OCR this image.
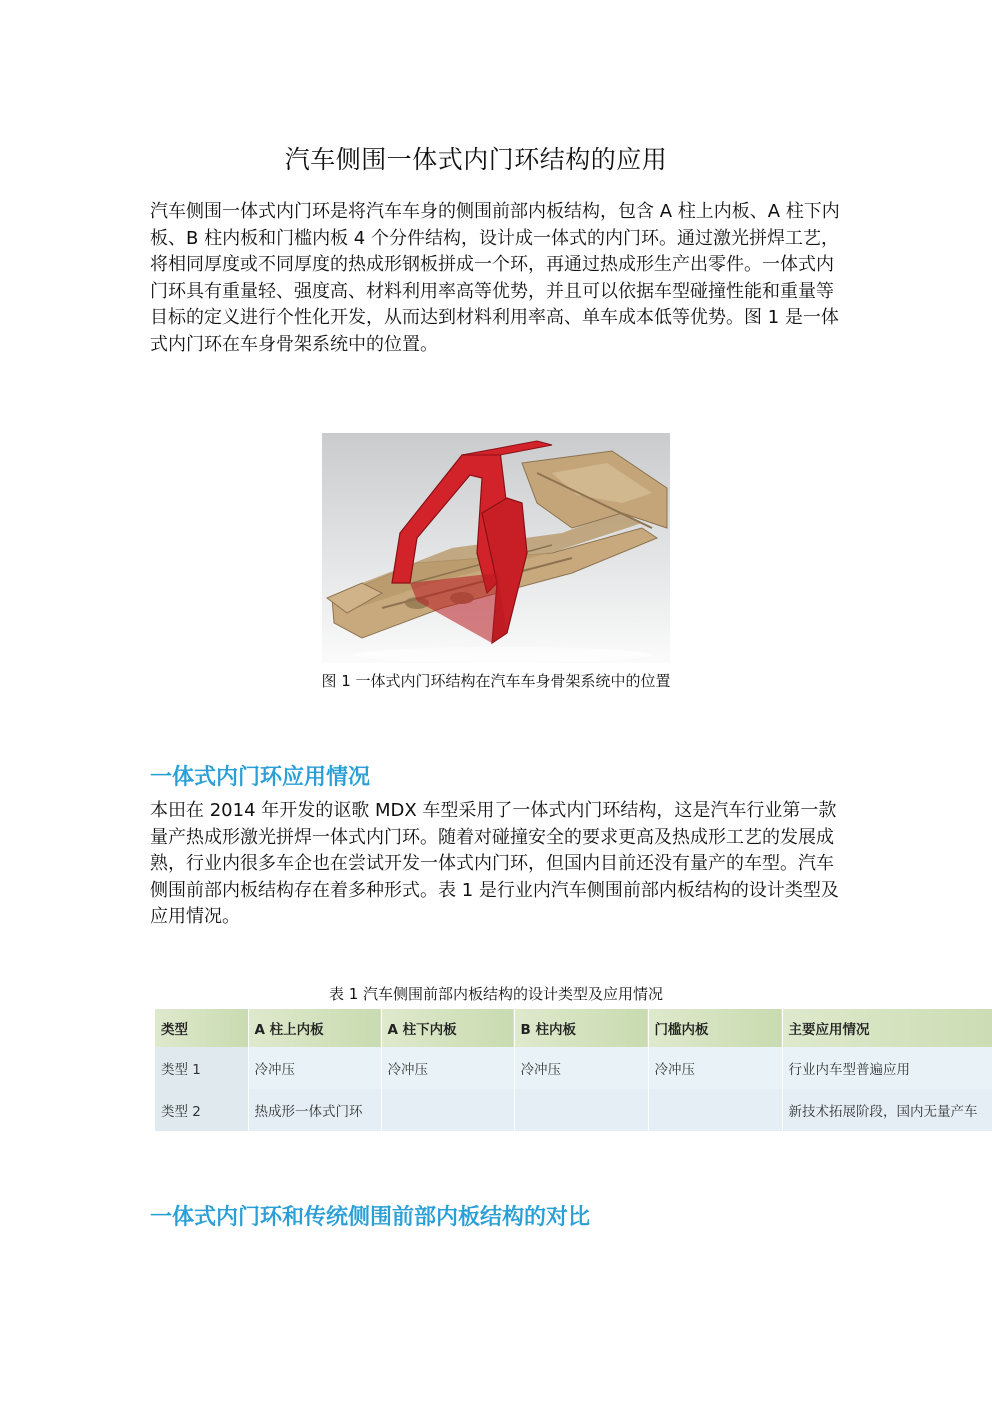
汽车侧围一体式内门环结构的应用

汽车侧围一体式内门环是将汽车车身的侧围前部内板结构，包含 A 柱上内板、A 柱下内板、B 柱内板和门槛内板 4 个分件结构，设计成一体式的内门环。通过激光拼焊工艺，将相同厚度或不同厚度的热成形钢板拼成一个环，再通过热成形生产出零件。一体式内门环具有重量轻、强度高、材料利用率高等优势，并且可以依据车型碰撞性能和重量等目标的定义进行个性化开发，从而达到材料利用率高、单车成本低等优势。图 1 是一体式内门环在车身骨架系统中的位置。

图 1 一体式内门环结构在汽车车身骨架系统中的位置
一体式内门环应用情况

本田在 2014 年开发的讴歌 MDX 车型采用了一体式内门环结构，这是汽车行业第一款量产热成形激光拼焊一体式内门环。随着对碰撞安全的要求更高及热成形工艺的发展成熟，行业内很多车企也在尝试开发一体式内门环，但国内目前还没有量产的车型。汽车侧围前部内板结构存在着多种形式。表 1 是行业内汽车侧围前部内板结构的设计类型及应用情况。

表 1 汽车侧围前部内板结构的设计类型及应用情况
类型	A 柱上内板	A 柱下内板	B 柱内板	门槛内板	主要应用情况
类型 1	冷冲压	冷冲压	冷冲压	冷冲压	行业内车型普遍应用
类型 2	热成形一体式门环				新技术拓展阶段，国内无量产车
一体式内门环和传统侧围前部内板结构的对比
